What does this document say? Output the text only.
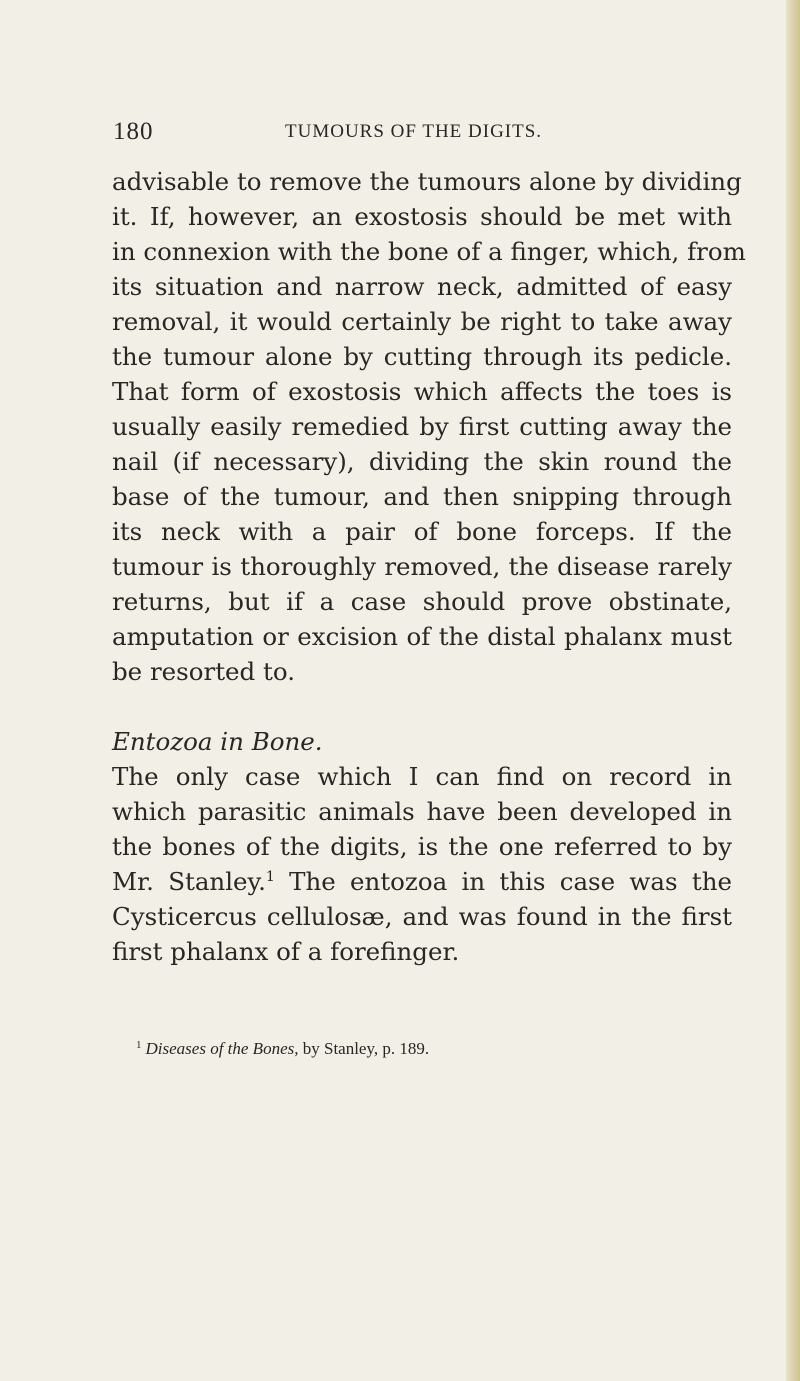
180	TUMOURS OF THE DIGITS.
advisable to remove the tumours alone by dividing
it. If, however, an exostosis should be met with
in connexion with the bone of a finger, which, from
its situation and narrow neck, admitted of easy
removal, it would certainly be right to take away
the tumour alone by cutting through its pedicle.
That form of exostosis which affects the toes is
usually easily remedied by first cutting away the
nail (if necessary), dividing the skin round the
base of the tumour, and then snipping through
its neck with a pair of bone forceps. If the
tumour is thoroughly removed, the disease rarely
returns, but if a case should prove obstinate,
amputation or excision of the distal phalanx must
be resorted to.
Entozoa in Bone.
The only case which I can find on record in
which parasitic animals have been developed in
the bones of the digits, is the one referred to by
Mr. Stanley.$^1$ The entozoa in this case was the
Cysticercus cellulosæ, and was found in the first
first phalanx of a forefinger.
$^1$ Diseases of the Bones, by Stanley, p. 189.
